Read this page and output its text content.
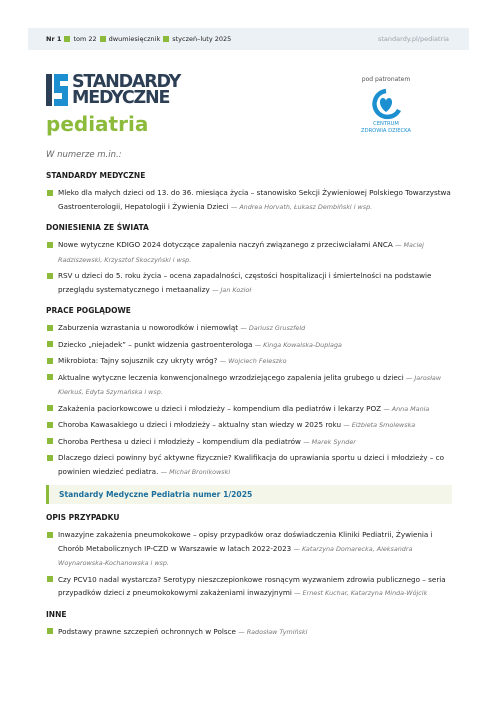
Nr 1 tom 22 dwumiesięcznik styczeń–luty 2025	standardy.pl/pediatria
STANDARDY
MEDYCZNE
pediatria
pod patronatem
CENTRUM
ZDROWIA DZIECKA
W numerze m.in.:
STANDARDY MEDYCZNE
Mleko dla małych dzieci od 13. do 36. miesiąca życia – stanowisko Sekcji Żywieniowej Polskiego Towarzystwa Gastroenterologii, Hepatologii i Żywienia Dzieci — Andrea Horvath, Łukasz Dembiński i wsp.
DONIESIENIA ZE ŚWIATA
Nowe wytyczne KDIGO 2024 dotyczące zapalenia naczyń związanego z przeciwciałami ANCA — Maciej Radziszewski, Krzysztof Skoczyński i wsp.
RSV u dzieci do 5. roku życia – ocena zapadalności, częstości hospitalizacji i śmiertelności na podstawie przeglądu systematycznego i metaanalizy — Jan Kozioł
PRACE POGLĄDOWE
Zaburzenia wzrastania u noworodków i niemowląt — Dariusz Gruszfeld
Dziecko „niejadek” – punkt widzenia gastroenterologa — Kinga Kowalska-Duplaga
Mikrobiota: Tajny sojusznik czy ukryty wróg? — Wojciech Feleszko
Aktualne wytyczne leczenia konwencjonalnego wrzodziejącego zapalenia jelita grubego u dzieci — Jarosław Kierkuś, Edyta Szymańska i wsp.
Zakażenia paciorkowcowe u dzieci i młodzieży – kompendium dla pediatrów i lekarzy POZ — Anna Mania
Choroba Kawasakiego u dzieci i młodzieży – aktualny stan wiedzy w 2025 roku — Elżbieta Smolewska
Choroba Perthesa u dzieci i młodzieży – kompendium dla pediatrów — Marek Synder
Dlaczego dzieci powinny być aktywne fizycznie? Kwalifikacja do uprawiania sportu u dzieci i młodzieży – co powinien wiedzieć pediatra. — Michał Bronikowski
Standardy Medyczne Pediatria numer 1/2025
OPIS PRZYPADKU
Inwazyjne zakażenia pneumokokowe – opisy przypadków oraz doświadczenia Kliniki Pediatrii, Żywienia i Chorób Metabolicznych IP-CZD w Warszawie w latach 2022-2023 — Katarzyna Domarecka, Aleksandra Woynarowska-Kochanowska i wsp.
Czy PCV10 nadal wystarcza? Serotypy nieszczepionkowe rosnącym wyzwaniem zdrowia publicznego – seria przypadków dzieci z pneumokokowymi zakażeniami inwazyjnymi — Ernest Kuchar, Katarzyna Minda-Wójcik
INNE
Podstawy prawne szczepień ochronnych w Polsce — Radosław Tymiński
